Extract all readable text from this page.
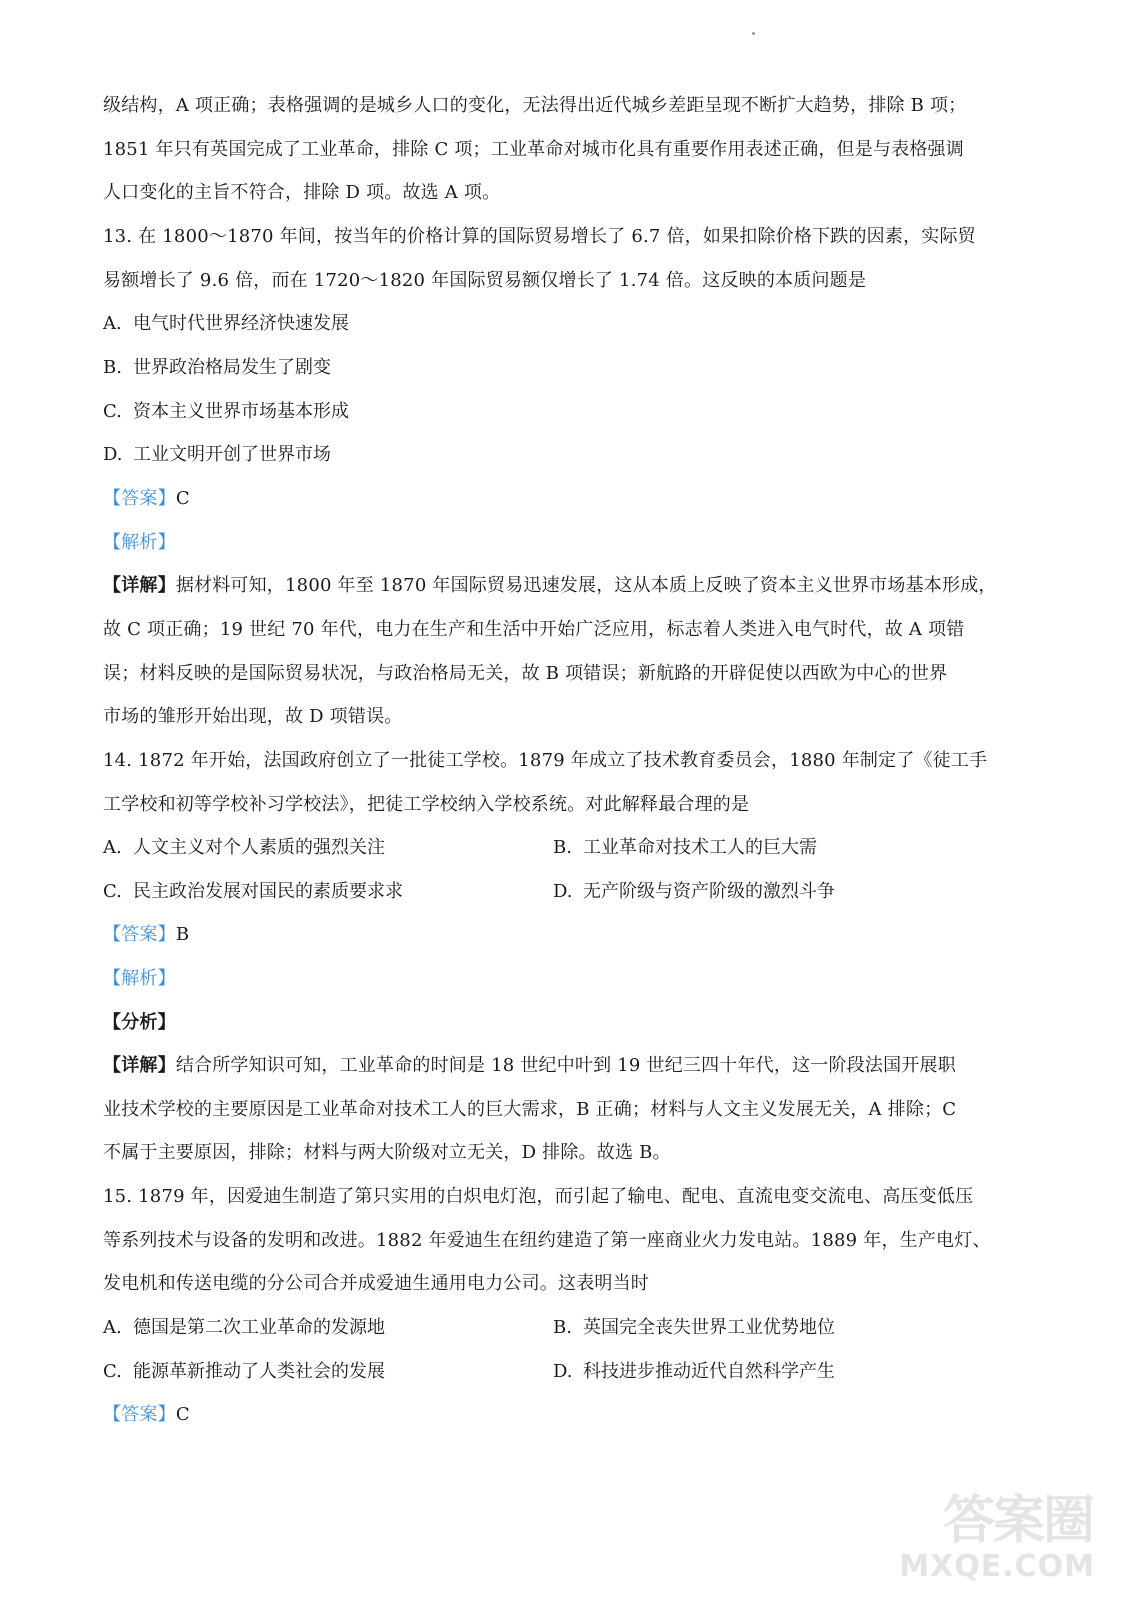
级结构，A 项正确；表格强调的是城乡人口的变化，无法得出近代城乡差距呈现不断扩大趋势，排除 B 项；
1851 年只有英国完成了工业革命，排除 C 项；工业革命对城市化具有重要作用表述正确，但是与表格强调
人口变化的主旨不符合，排除 D 项。故选 A 项。
13. 在 1800～1870 年间，按当年的价格计算的国际贸易增长了 6.7 倍，如果扣除价格下跌的因素，实际贸
易额增长了 9.6 倍，而在 1720～1820 年国际贸易额仅增长了 1.74 倍。这反映的本质问题是
A. 电气时代世界经济快速发展
B. 世界政治格局发生了剧变
C. 资本主义世界市场基本形成
D. 工业文明开创了世界市场
【答案】C
【解析】
【详解】据材料可知，1800 年至 1870 年国际贸易迅速发展，这从本质上反映了资本主义世界市场基本形成，
故 C 项正确；19 世纪 70 年代，电力在生产和生活中开始广泛应用，标志着人类进入电气时代，故 A 项错
误；材料反映的是国际贸易状况，与政治格局无关，故 B 项错误；新航路的开辟促使以西欧为中心的世界
市场的雏形开始出现，故 D 项错误。
14. 1872 年开始，法国政府创立了一批徒工学校。1879 年成立了技术教育委员会，1880 年制定了《徒工手
工学校和初等学校补习学校法》，把徒工学校纳入学校系统。对此解释最合理的是
A. 人文主义对个人素质的强烈关注	B. 工业革命对技术工人的巨大需
C. 民主政治发展对国民的素质要求求	D. 无产阶级与资产阶级的激烈斗争
【答案】B
【解析】
【分析】
【详解】结合所学知识可知，工业革命的时间是 18 世纪中叶到 19 世纪三四十年代，这一阶段法国开展职
业技术学校的主要原因是工业革命对技术工人的巨大需求，B 正确；材料与人文主义发展无关，A 排除；C
不属于主要原因，排除；材料与两大阶级对立无关，D 排除。故选 B。
15. 1879 年，因爱迪生制造了第只实用的白炽电灯泡，而引起了输电、配电、直流电变交流电、高压变低压
等系列技术与设备的发明和改进。1882 年爱迪生在纽约建造了第一座商业火力发电站。1889 年，生产电灯、
发电机和传送电缆的分公司合并成爱迪生通用电力公司。这表明当时
A. 德国是第二次工业革命的发源地	B. 英国完全丧失世界工业优势地位
C. 能源革新推动了人类社会的发展	D. 科技进步推动近代自然科学产生
【答案】C
答案圈
MXQE.COM
